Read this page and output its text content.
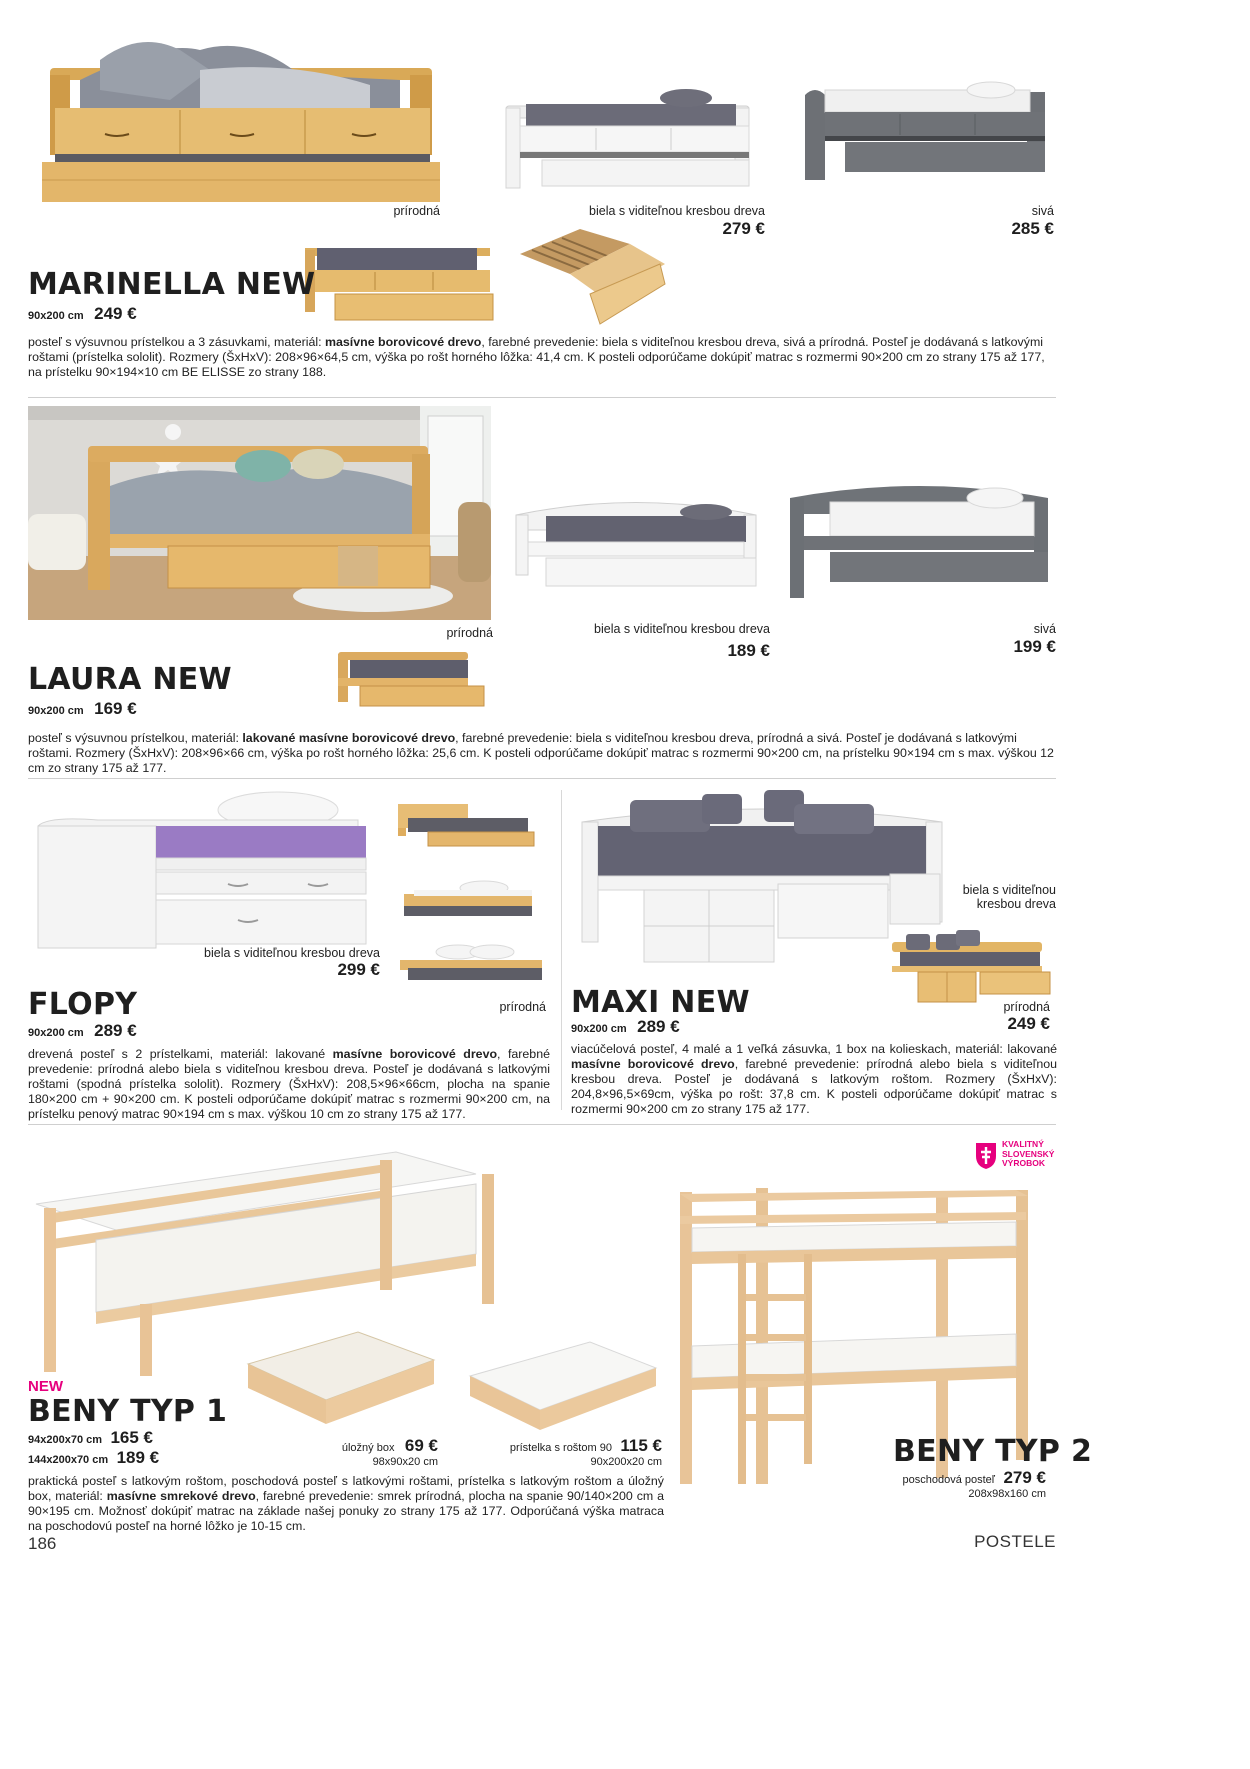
prírodná	biela s viditeľnou kresbou dreva
279 €
sivá
285 €
MARINELLA NEW
90x200 cm 249 €
posteľ s výsuvnou prístelkou a 3 zásuvkami, materiál: masívne borovicové drevo, farebné prevedenie: biela s viditeľnou kresbou dreva, sivá a prírodná. Posteľ je dodávaná s latkovými roštami (prístelka sololit). Rozmery (ŠxHxV): 208×96×64,5 cm, výška po rošt horného lôžka: 41,4 cm. K posteli odporúčame dokúpiť matrac s rozmermi 90×200 cm zo strany 175 až 177, na prístelku 90×194×10 cm BE ELISSE zo strany 188.
prírodná	biela s viditeľnou kresbou dreva
189 €
sivá
199 €
LAURA NEW
90x200 cm 169 €
posteľ s výsuvnou prístelkou, materiál: lakované masívne borovicové drevo, farebné prevedenie: biela s viditeľnou kresbou dreva, prírodná a sivá. Posteľ je dodávaná s latkovými roštami. Rozmery (ŠxHxV): 208×96×66 cm, výška po rošt horného lôžka: 25,6 cm. K posteli odporúčame dokúpiť matrac s rozmermi 90×200 cm, na prístelku 90×194 cm s max. výškou 12 cm zo strany 175 až 177.
biela s viditeľnou kresbou dreva
299 €
prírodná
FLOPY
90x200 cm 289 €
drevená posteľ s 2 prístelkami, materiál: lakované masívne borovicové drevo, farebné prevedenie: prírodná alebo biela s viditeľnou kresbou dreva. Posteľ je dodávaná s latkovými roštami (spodná prístelka sololit). Rozmery (ŠxHxV): 208,5×96×66cm, plocha na spanie 180×200 cm + 90×200 cm. K posteli odporúčame dokúpiť matrac s rozmermi 90×200 cm, na prístelku penový matrac 90×194 cm s max. výškou 10 cm zo strany 175 až 177.
biela s viditeľnou
kresbou dreva
prírodná
249 €
MAXI NEW
90x200 cm 289 €
viacúčelová posteľ, 4 malé a 1 veľká zásuvka, 1 box na kolieskach, materiál: lakované masívne borovicové drevo, farebné prevedenie: prírodná alebo biela s viditeľnou kresbou dreva. Posteľ je dodávaná s latkovým roštom. Rozmery (ŠxHxV): 204,8×96,5×69cm, výška po rošt: 37,8 cm. K posteli odporúčame dokúpiť matrac s rozmermi 90×200 cm zo strany 175 až 177.
NEW
BENY TYP 1
94x200x70 cm 165 €
144x200x70 cm 189 €	úložný box 69 €
98x90x20 cm
prístelka s roštom 90 115 €
90x200x20 cm
praktická posteľ s latkovým roštom, poschodová posteľ s latkovými roštami, prístelka s latkovým roštom a úložný box, materiál: masívne smrekové drevo, farebné prevedenie: smrek prírodná, plocha na spanie 90/140×200 cm a 90×195 cm. Možnosť dokúpiť matrac na základe našej ponuky zo strany 175 až 177. Odporúčaná výška matraca na poschodovú posteľ na horné lôžko je 10-15 cm.
KVALITNÝ
SLOVENSKÝ
VÝROBOK
BENY TYP 2
poschodová posteľ 279 €
208x98x160 cm
186	POSTELE
